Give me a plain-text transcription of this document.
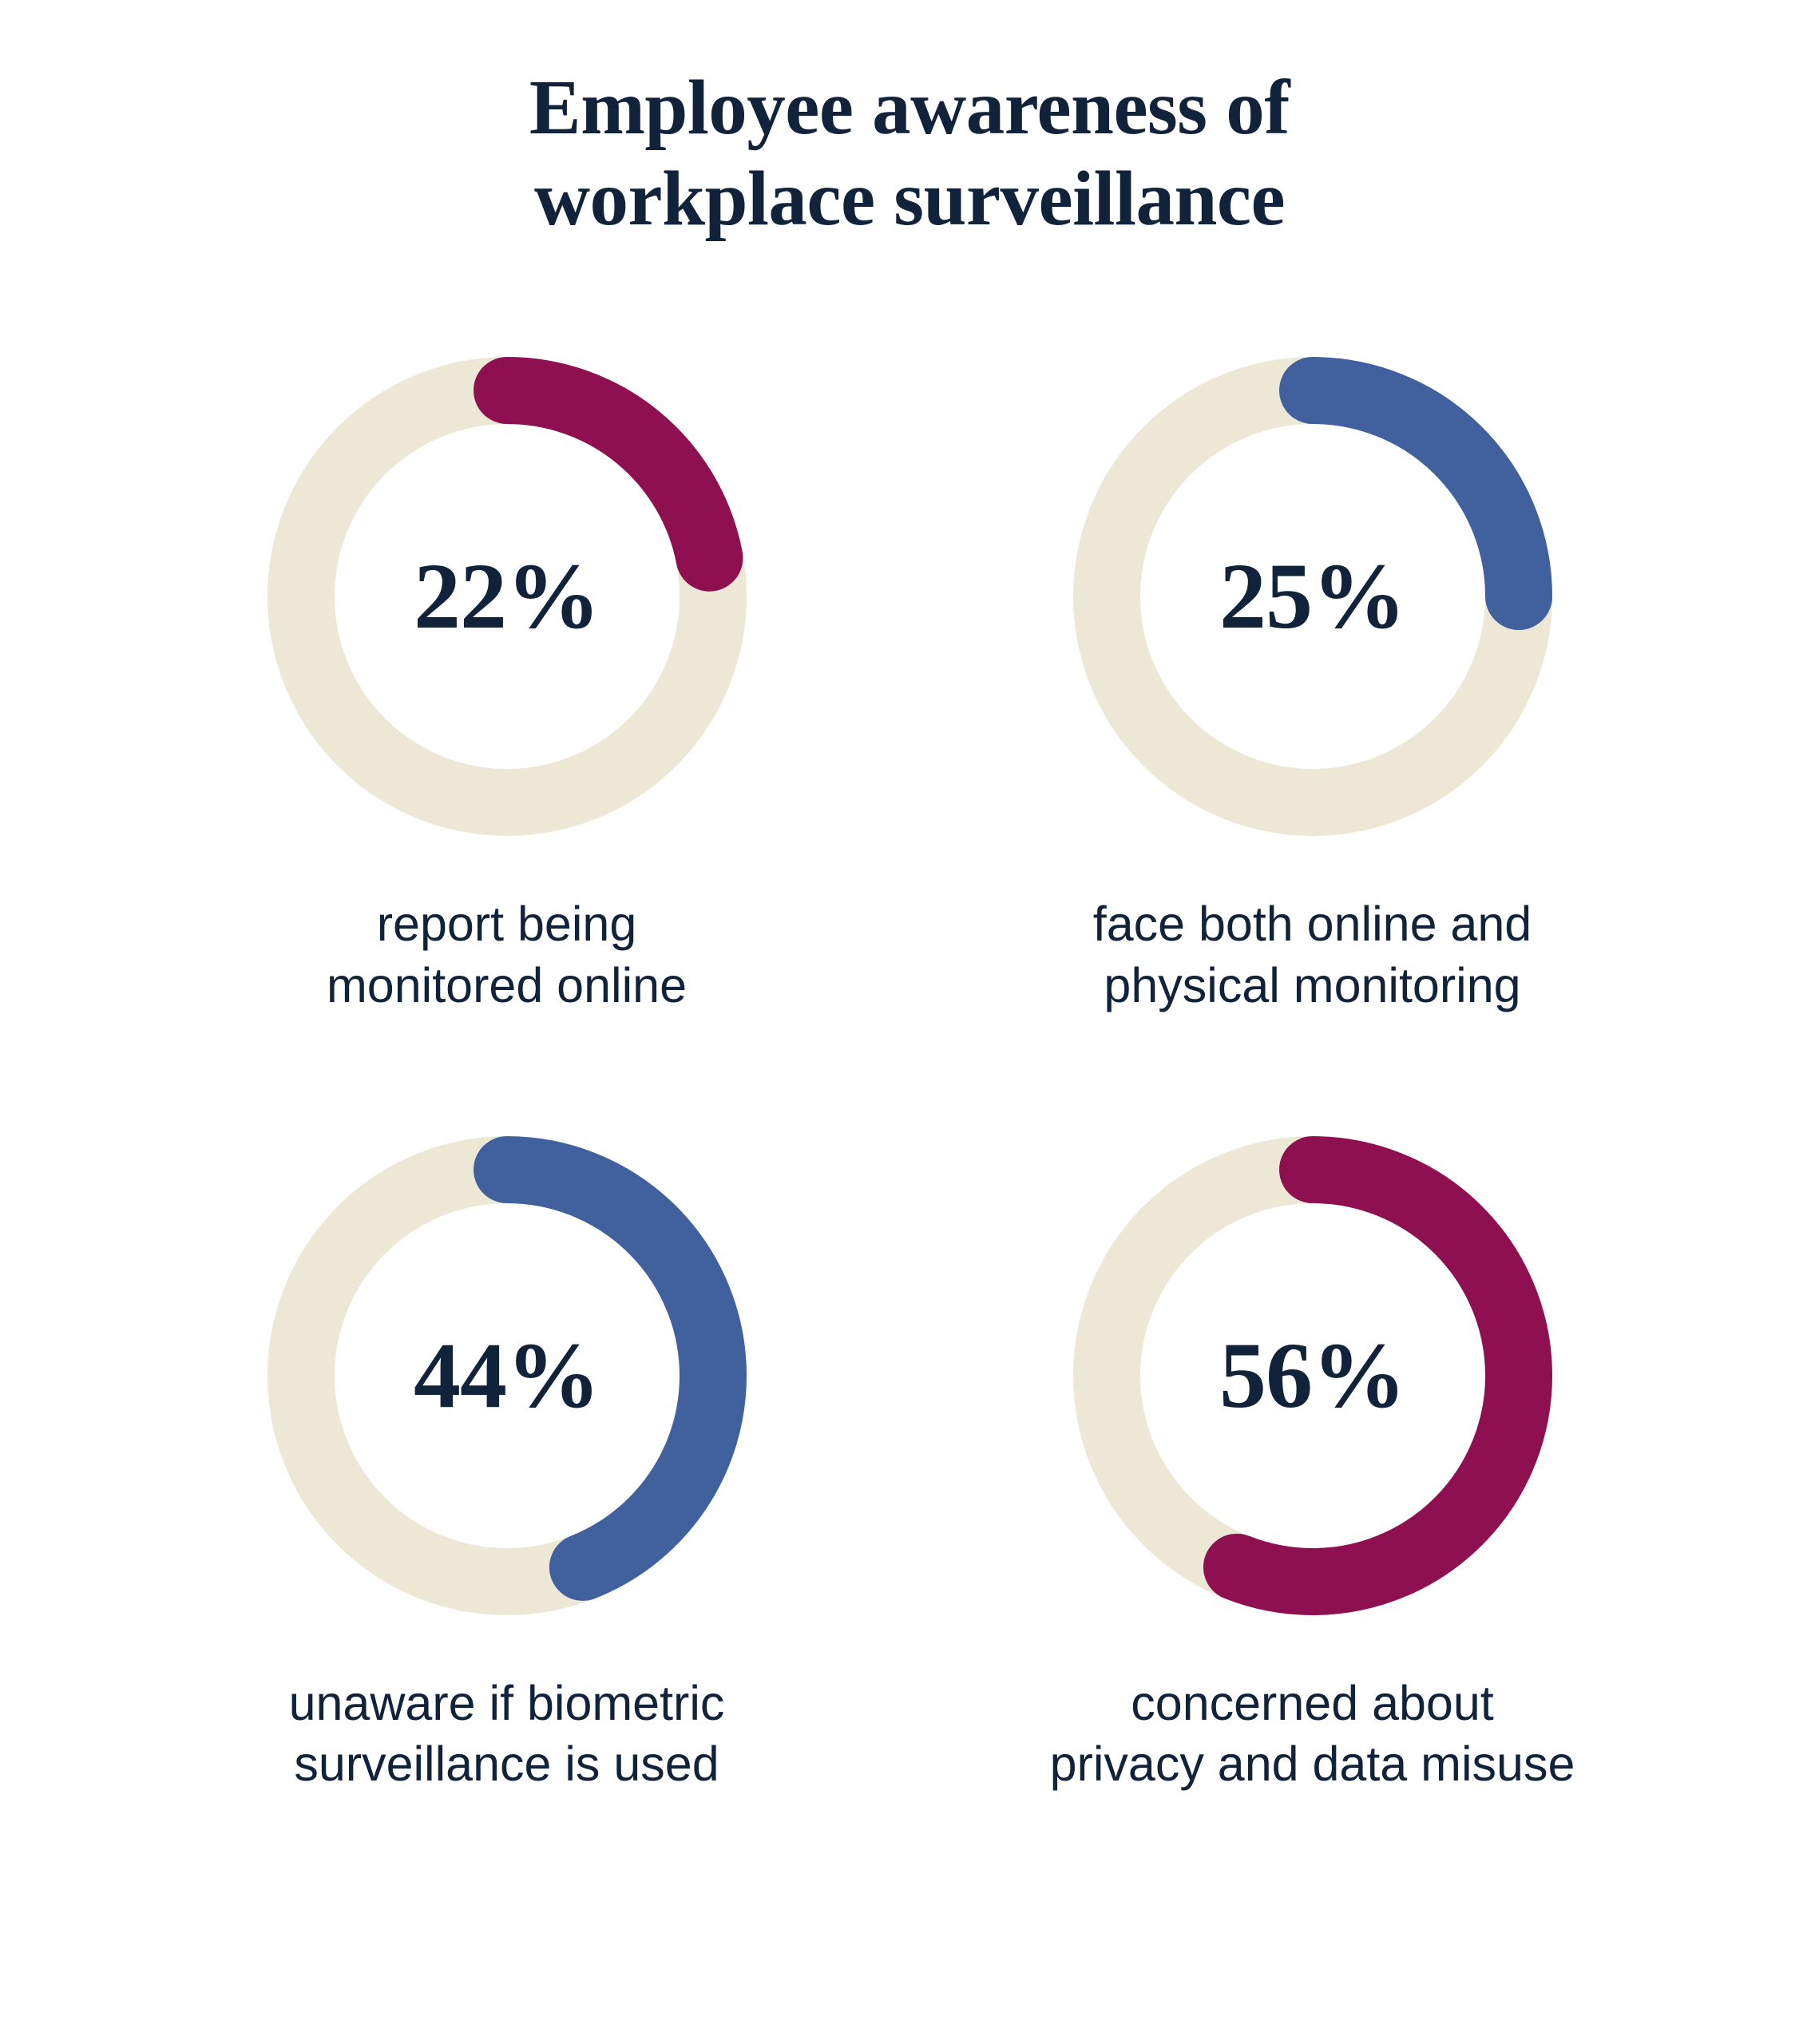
Employee awareness of
workplace surveillance
22%
report being
monitored online
25%
face both online and
physical monitoring
44%
unaware if biometric
surveillance is used
56%
concerned about
privacy and data misuse
